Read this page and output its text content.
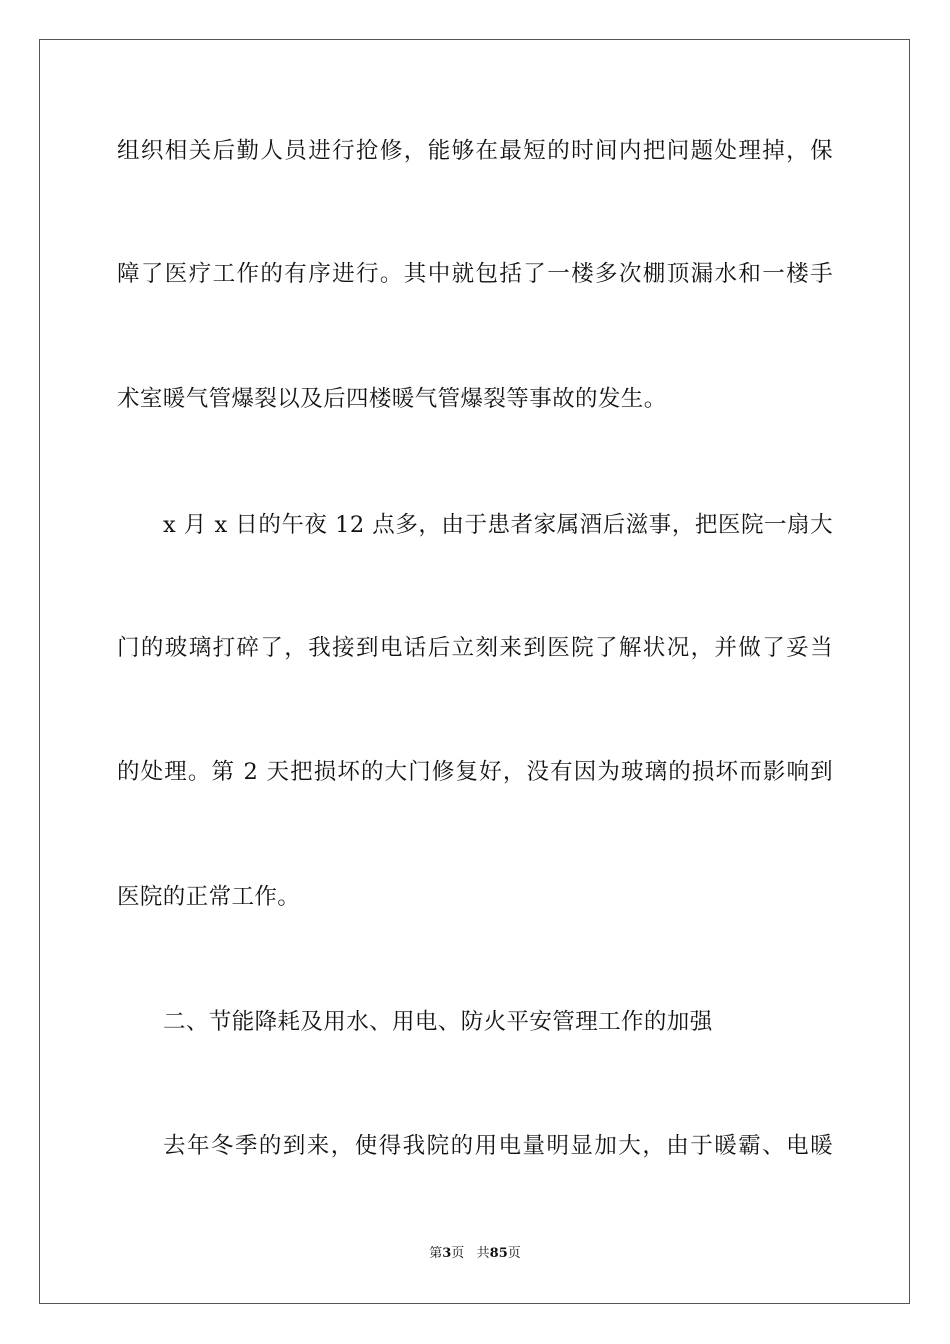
组织相关后勤人员进行抢修，能够在最短的时间内把问题处理掉，保
障了医疗工作的有序进行。其中就包括了一楼多次棚顶漏水和一楼手
术室暖气管爆裂以及后四楼暖气管爆裂等事故的发生。
x 月 x 日的午夜 12 点多，由于患者家属酒后滋事，把医院一扇大
门的玻璃打碎了，我接到电话后立刻来到医院了解状况，并做了妥当
的处理。第 2 天把损坏的大门修复好，没有因为玻璃的损坏而影响到
医院的正常工作。
二、节能降耗及用水、用电、防火平安管理工作的加强
去年冬季的到来，使得我院的用电量明显加大，由于暖霸、电暖
第3页   共85页
